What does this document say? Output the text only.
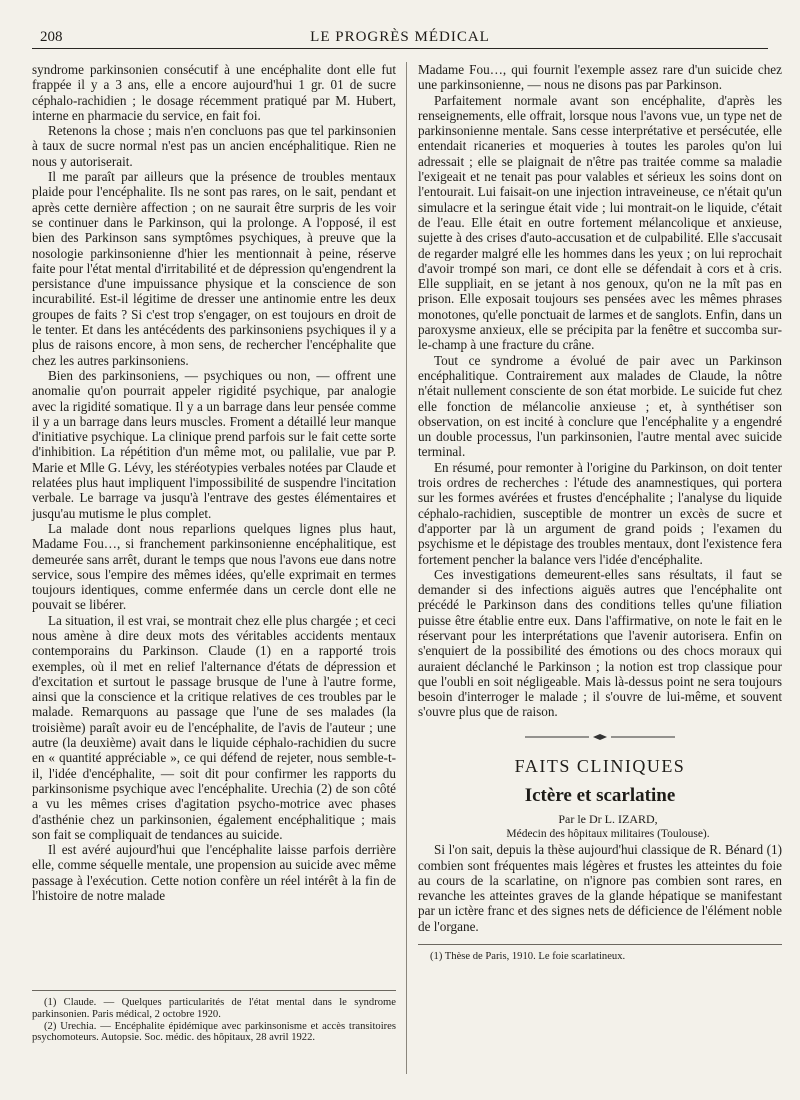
208	LE PROGRÈS MÉDICAL

syndrome parkinsonien consécutif à une encéphalite dont elle fut frappée il y a 3 ans, elle a encore aujourd'hui 1 gr. 01 de sucre céphalo-rachidien ; le dosage récemment pratiqué par M. Hubert, interne en pharmacie du service, en fait foi.

Retenons la chose ; mais n'en concluons pas que tel parkinsonien à taux de sucre normal n'est pas un ancien encéphalitique. Rien ne nous y autoriserait.

Il me paraît par ailleurs que la présence de troubles mentaux plaide pour l'encéphalite. Ils ne sont pas rares, on le sait, pendant et après cette dernière affection ; on ne saurait être surpris de les voir se continuer dans le Parkinson, qui la prolonge. A l'opposé, il est bien des Parkinson sans symptômes psychiques, à preuve que la nosologie parkinsonienne d'hier les mentionnait à peine, réserve faite pour l'état mental d'irritabilité et de dépression qu'engendrent la persistance d'une impuissance physique et la conscience de son incurabilité. Est-il légitime de dresser une antinomie entre les deux groupes de faits ? Si c'est trop s'engager, on est toujours en droit de le tenter. Et dans les antécédents des parkinsoniens psychiques il y a plus de raisons encore, à mon sens, de rechercher l'encéphalite que chez les autres parkinsoniens.

Bien des parkinsoniens, — psychiques ou non, — offrent une anomalie qu'on pourrait appeler rigidité psychique, par analogie avec la rigidité somatique. Il y a un barrage dans leur pensée comme il y a un barrage dans leurs muscles. Froment a détaillé leur manque d'initiative psychique. La clinique prend parfois sur le fait cette sorte d'inhibition. La répétition d'un même mot, ou palilalie, vue par P. Marie et Mlle G. Lévy, les stéréotypies verbales notées par Claude et relatées plus haut impliquent l'impossibilité de suspendre l'incitation verbale. Le barrage va jusqu'à l'entrave des gestes élémentaires et jusqu'au mutisme le plus complet.

La malade dont nous reparlions quelques lignes plus haut, Madame Fou…, si franchement parkinsonienne encéphalitique, est demeurée sans arrêt, durant le temps que nous l'avons eue dans notre service, sous l'empire des mêmes idées, qu'elle exprimait en termes toujours identiques, comme enfermée dans un cercle dont elle ne pouvait se libérer.

La situation, il est vrai, se montrait chez elle plus chargée ; et ceci nous amène à dire deux mots des véritables accidents mentaux contemporains du Parkinson. Claude (1) en a rapporté trois exemples, où il met en relief l'alternance d'états de dépression et d'excitation et surtout le passage brusque de l'une à l'autre forme, ainsi que la conscience et la critique relatives de ces troubles par le malade. Remarquons au passage que l'une de ses malades (la troisième) paraît avoir eu de l'encéphalite, de l'avis de l'auteur ; une autre (la deuxième) avait dans le liquide céphalo-rachidien du sucre en « quantité appréciable », ce qui défend de rejeter, nous semble-t-il, l'idée d'encéphalite, — soit dit pour confirmer les rapports du parkinsonisme psychique avec l'encéphalite. Urechia (2) de son côté a vu les mêmes crises d'agitation psycho-motrice avec phases d'asthénie chez un parkinsonien, également encéphalitique ; mais son fait se compliquait de tendances au suicide.

Il est avéré aujourd'hui que l'encéphalite laisse parfois derrière elle, comme séquelle mentale, une propension au suicide avec même passage à l'exécution. Cette notion confère un réel intérêt à la fin de l'histoire de notre malade

(1) Claude. — Quelques particularités de l'état mental dans le syndrome parkinsonien. Paris médical, 2 octobre 1920.

(2) Urechia. — Encéphalite épidémique avec parkinsonisme et accès transitoires psychomoteurs. Autopsie. Soc. médic. des hôpitaux, 28 avril 1922.

Madame Fou…, qui fournit l'exemple assez rare d'un suicide chez une parkinsonienne, — nous ne disons pas par Parkinson.

Parfaitement normale avant son encéphalite, d'après les renseignements, elle offrait, lorsque nous l'avons vue, un type net de parkinsonienne mentale. Sans cesse interprétative et persécutée, elle entendait ricaneries et moqueries à toutes les paroles qu'on lui adressait ; elle se plaignait de n'être pas traitée comme sa maladie l'exigeait et ne tenait pas pour valables et sérieux les soins dont on l'entourait. Lui faisait-on une injection intraveineuse, ce n'était qu'un simulacre et la seringue était vide ; lui montrait-on le liquide, c'était de l'eau. Elle était en outre fortement mélancolique et anxieuse, sujette à des crises d'auto-accusation et de culpabilité. Elle s'accusait de regarder malgré elle les hommes dans les yeux ; on lui reprochait d'avoir trompé son mari, ce dont elle se défendait à cors et à cris. Elle suppliait, en se jetant à nos genoux, qu'on ne la mît pas en prison. Elle exposait toujours ses pensées avec les mêmes phrases monotones, qu'elle ponctuait de larmes et de sanglots. Enfin, dans un paroxysme anxieux, elle se précipita par la fenêtre et succomba sur-le-champ à une fracture du crâne.

Tout ce syndrome a évolué de pair avec un Parkinson encéphalitique. Contrairement aux malades de Claude, la nôtre n'était nullement consciente de son état morbide. Le suicide fut chez elle fonction de mélancolie anxieuse ; et, à synthétiser son observation, on est incité à conclure que l'encéphalite y a engendré un double processus, l'un parkinsonien, l'autre mental avec suicide terminal.

En résumé, pour remonter à l'origine du Parkinson, on doit tenter trois ordres de recherches : l'étude des anamnestiques, qui portera sur les formes avérées et frustes d'encéphalite ; l'analyse du liquide céphalo-rachidien, susceptible de montrer un excès de sucre et d'apporter par là un argument de grand poids ; l'examen du psychisme et le dépistage des troubles mentaux, dont l'existence fera fortement pencher la balance vers l'idée d'encéphalite.

Ces investigations demeurent-elles sans résultats, il faut se demander si des infections aiguës autres que l'encéphalite ont précédé le Parkinson dans des conditions telles qu'une filiation puisse être établie entre eux. Dans l'affirmative, on note le fait en le réservant pour les interprétations que l'avenir autorisera. Enfin on s'enquiert de la possibilité des émotions ou des chocs moraux qui auraient déclanché le Parkinson ; la notion est trop classique pour que l'oubli en soit négligeable. Mais là-dessus point ne sera toujours besoin d'interroger le malade ; il s'ouvre de lui-même, et souvent s'ouvre plus que de raison.

FAITS CLINIQUES
Ictère et scarlatine

Par le Dr L. IZARD,

Médecin des hôpitaux militaires (Toulouse).

Si l'on sait, depuis la thèse aujourd'hui classique de R. Bénard (1) combien sont fréquentes mais légères et frustes les atteintes du foie au cours de la scarlatine, on n'ignore pas combien sont rares, en revanche les atteintes graves de la glande hépatique se manifestant par un ictère franc et des signes nets de déficience de l'élément noble de l'organe.

(1) Thèse de Paris, 1910. Le foie scarlatineux.
